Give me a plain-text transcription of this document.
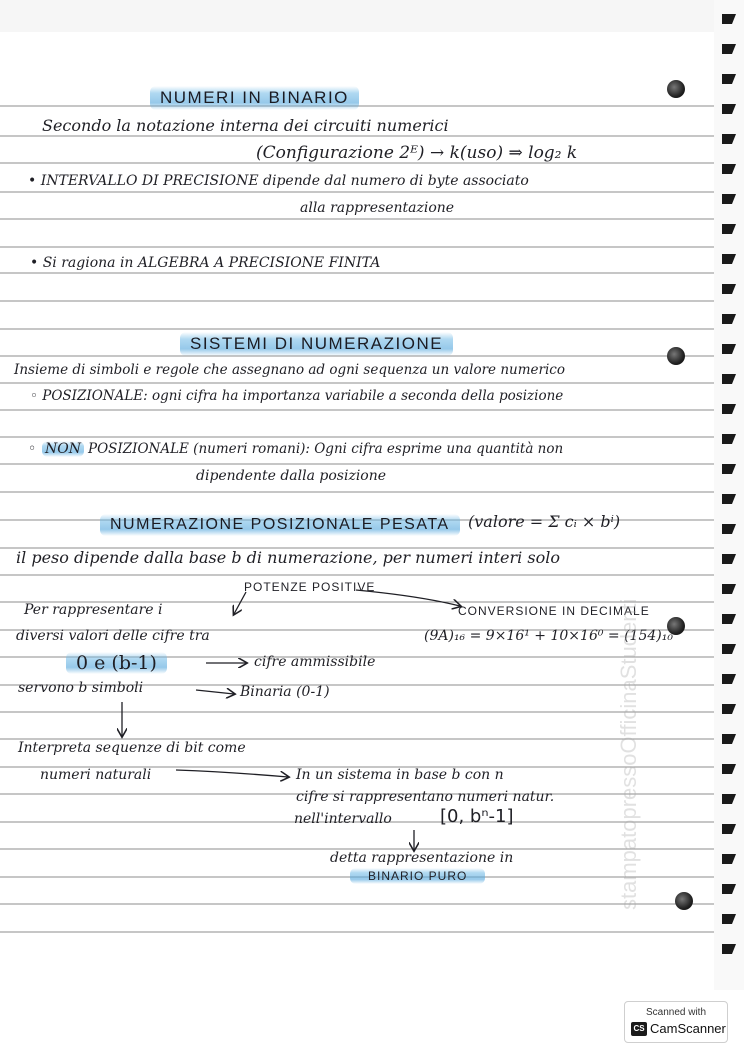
NUMERI IN BINARIO
Secondo la notazione interna dei circuiti numerici
(Configurazione 2ᴱ) → k(uso) ⇒ log₂ k
• INTERVALLO DI PRECISIONE dipende dal numero di byte associato
alla rappresentazione
• Si ragiona in ALGEBRA A PRECISIONE FINITA
SISTEMI DI NUMERAZIONE
Insieme di simboli e regole che assegnano ad ogni sequenza un valore numerico
◦ POSIZIONALE: ogni cifra ha importanza variabile a seconda della posizione
NON
◦	POSIZIONALE (numeri romani): Ogni cifra esprime una quantità non
dipendente dalla posizione
NUMERAZIONE POSIZIONALE PESATA	(valore = Σ cᵢ × bⁱ)
il peso dipende dalla base b di numerazione, per numeri interi solo
POTENZE POSITIVE
Per rappresentare i
diversi valori delle cifre tra
CONVERSIONE IN DECIMALE
(9A)₁₆ = 9×16¹ + 10×16⁰ = (154)₁₀
0 e (b-1)	cifre ammissibile
servono b simboli	Binaria (0-1)
Interpreta sequenze di bit come
numeri naturali	In un sistema in base b con n
cifre si rappresentano numeri natur.
nell'intervallo	[0, bⁿ-1]
detta rappresentazione in
BINARIO PURO	stampatopressoOfficinaStudenti
Scanned with
CS CamScanner
